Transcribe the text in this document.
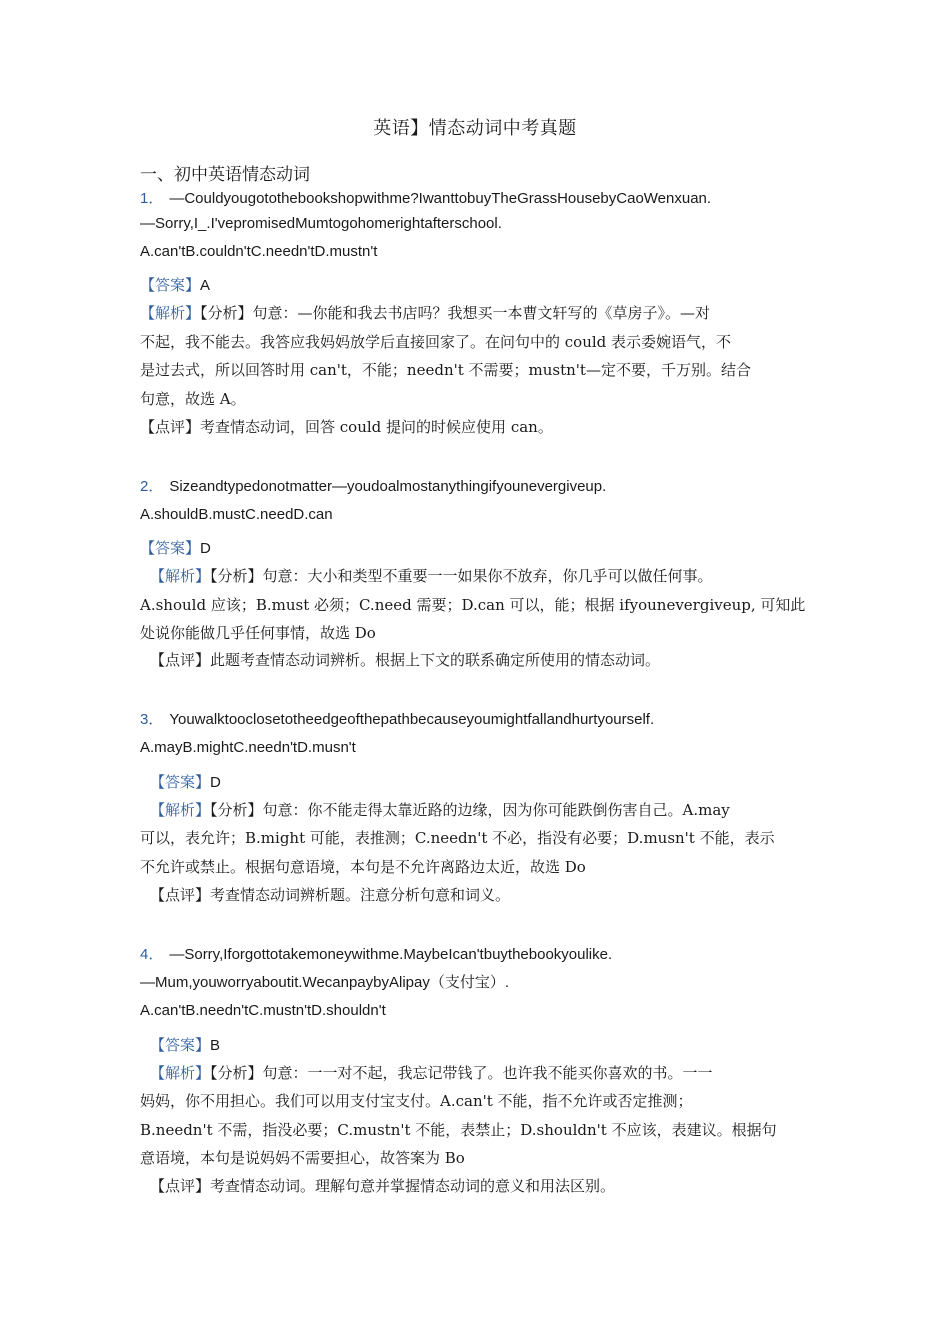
英语】情态动词中考真题
一、初中英语情态动词
1． —Couldyougotothebookshopwithme?IwanttobuyTheGrassHousebyCaoWenxuan.
—Sorry,I_.I'vepromisedMumtogohomerightafterschool.
A.can'tB.couldn'tC.needn'tD.mustn't
【答案】A
【解析】【分析】句意：—你能和我去书店吗？我想买一本曹文轩写的《草房子》。—对
不起，我不能去。我答应我妈妈放学后直接回家了。在问句中的 could 表示委婉语气，不
是过去式，所以回答时用 can't，不能；needn't 不需要；mustn't—定不要，千万别。结合
句意，故选 A。
【点评】考查情态动词，回答 could 提问的时候应使用 can。
2． Sizeandtypedonotmatter—youdoalmostanythingifyounevergiveup.
A.shouldB.mustC.needD.can
【答案】D
【解析】【分析】句意：大小和类型不重要一一如果你不放弃，你几乎可以做任何事。
A.should 应该；B.must 必须；C.need 需要；D.can 可以，能；根据 ifyounevergiveup, 可知此
处说你能做几乎任何事情，故选 Do
【点评】此题考查情态动词辨析。根据上下文的联系确定所使用的情态动词。
3． Youwalktooclosetotheedgeofthepathbecauseyoumightfallandhurtyourself.
A.mayB.mightC.needn'tD.musn't
【答案】D
【解析】【分析】句意：你不能走得太靠近路的边缘，因为你可能跌倒伤害自己。A.may
可以，表允许；B.might 可能，表推测；C.needn't 不必，指没有必要；D.musn't 不能，表示
不允许或禁止。根据句意语境，本句是不允许离路边太近，故选 Do
【点评】考查情态动词辨析题。注意分析句意和词义。
4． —Sorry,Iforgottotakemoneywithme.MaybeIcan'tbuythebookyoulike.
—Mum,youworryaboutit.WecanpaybyAlipay（支付宝）.
A.can'tB.needn'tC.mustn'tD.shouldn't
【答案】B
【解析】【分析】句意：一一对不起，我忘记带钱了。也许我不能买你喜欢的书。一一
妈妈，你不用担心。我们可以用支付宝支付。A.can't 不能，指不允许或否定推测；
B.needn't 不需，指没必要；C.mustn't 不能，表禁止；D.shouldn't 不应该，表建议。根据句
意语境，本句是说妈妈不需要担心，故答案为 Bo
【点评】考查情态动词。理解句意并掌握情态动词的意义和用法区别。
